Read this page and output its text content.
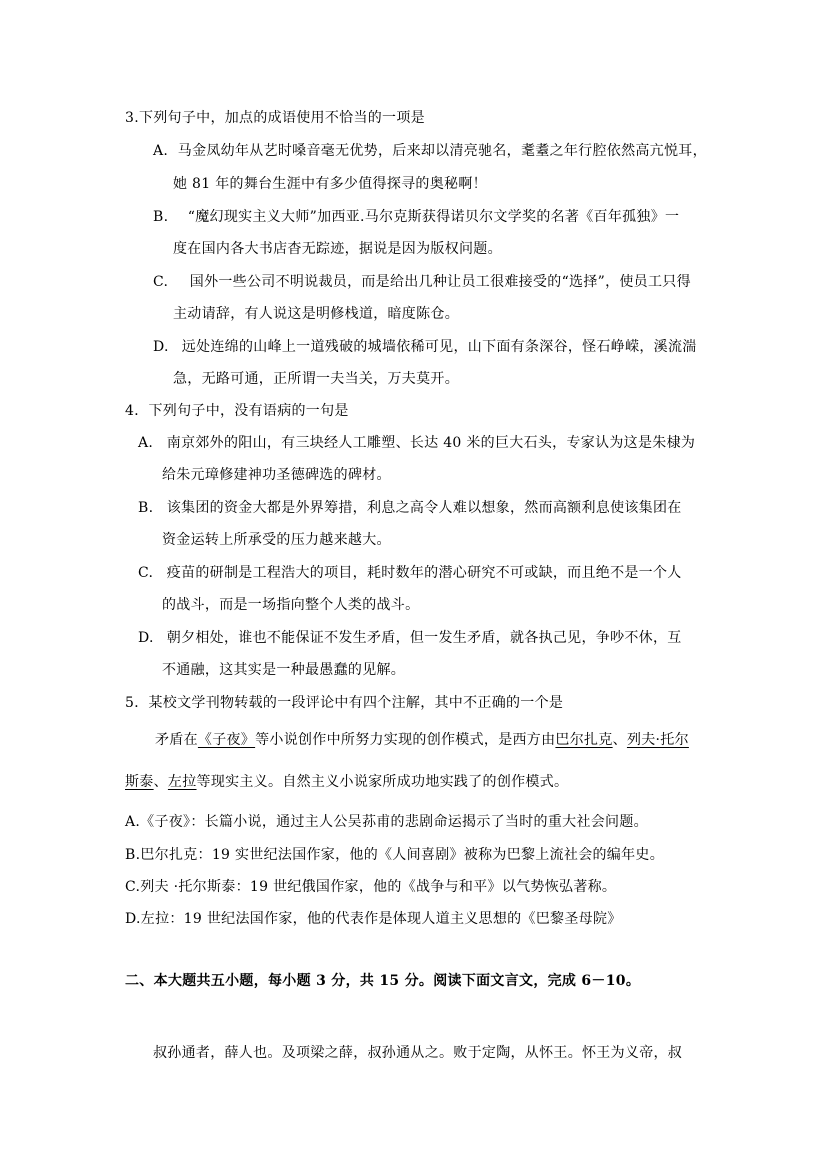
3.下列句子中，加点的成语使用不恰当的一项是
A. 马金凤幼年从艺时嗓音毫无优势，后来却以清亮驰名，耄耋之年行腔依然高亢悦耳，
她 81 年的舞台生涯中有多少值得探寻的奥秘啊！
B. “魔幻现实主义大师”加西亚.马尔克斯获得诺贝尔文学奖的名著《百年孤独》一
度在国内各大书店杳无踪迹，据说是因为版权问题。
C. 国外一些公司不明说裁员，而是给出几种让员工很难接受的“选择”，使员工只得
主动请辞，有人说这是明修栈道，暗度陈仓。
D. 远处连绵的山峰上一道残破的城墙依稀可见，山下面有条深谷，怪石峥嵘，溪流湍
急，无路可通，正所谓一夫当关，万夫莫开。
4．下列句子中，没有语病的一句是
A. 南京郊外的阳山，有三块经人工雕塑、长达 40 米的巨大石头，专家认为这是朱棣为
给朱元璋修建神功圣德碑选的碑材。
B. 该集团的资金大都是外界筹措，利息之高令人难以想象，然而高额利息使该集团在
资金运转上所承受的压力越来越大。
C. 疫苗的研制是工程浩大的项目，耗时数年的潜心研究不可或缺，而且绝不是一个人
的战斗，而是一场指向整个人类的战斗。
D. 朝夕相处，谁也不能保证不发生矛盾，但一发生矛盾，就各执己见，争吵不休，互
不通融，这其实是一种最愚蠢的见解。
5．某校文学刊物转载的一段评论中有四个注解，其中不正确的一个是
矛盾在《子夜》等小说创作中所努力实现的创作模式，是西方由巴尔扎克、列夫·托尔
斯泰、左拉等现实主义。自然主义小说家所成功地实践了的创作模式。
A.《子夜》：长篇小说，通过主人公吴荪甫的悲剧命运揭示了当时的重大社会问题。
B.巴尔扎克：19 实世纪法国作家，他的《人间喜剧》被称为巴黎上流社会的编年史。
C.列夫 ·托尔斯泰：19 世纪俄国作家，他的《战争与和平》以气势恢弘著称。
D.左拉：19 世纪法国作家，他的代表作是体现人道主义思想的《巴黎圣母院》
二、本大题共五小题，每小题 3 分，共 15 分。阅读下面文言文，完成 6－10。
叔孙通者，薛人也。及项梁之薛，叔孙通从之。败于定陶，从怀王。怀王为义帝，叔
